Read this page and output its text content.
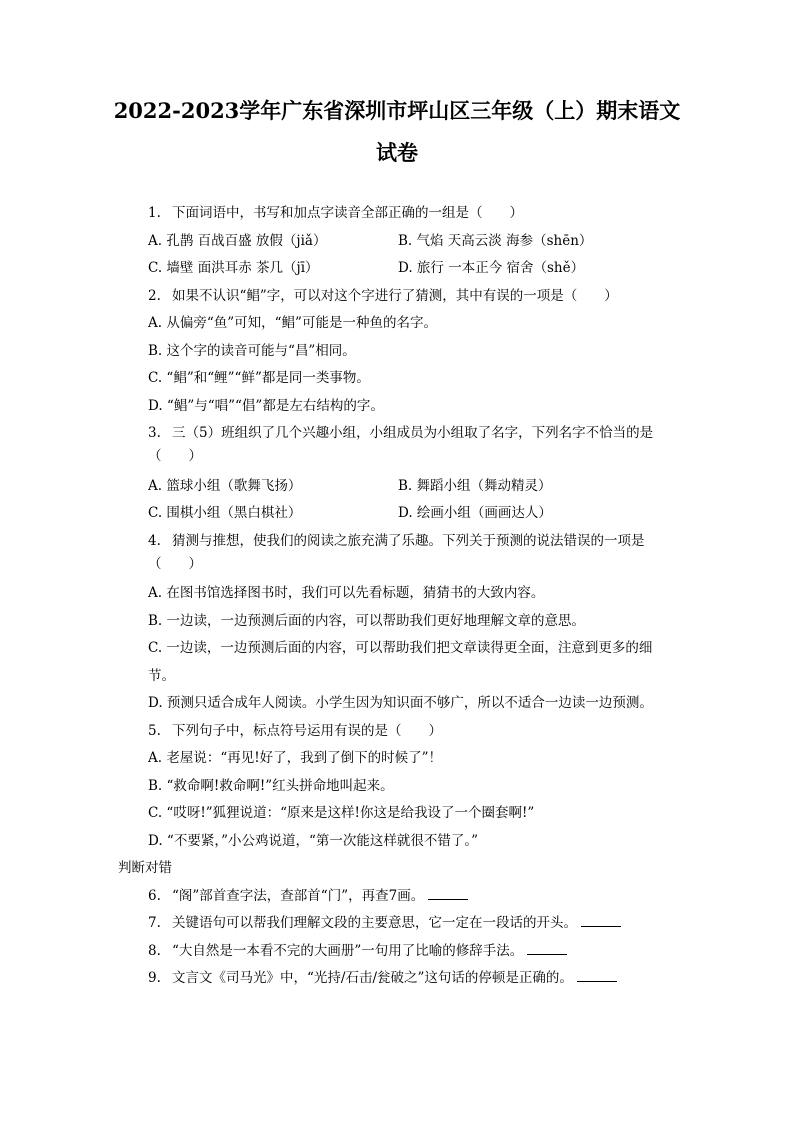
2022-2023学年广东省深圳市坪山区三年级（上）期末语文
试卷
1. 下面词语中，书写和加点字读音全部正确的一组是（　　）
A. 孔鹊 百战百盛 放假（jiǎ）	B. 气焰 天高云淡 海参（shēn）
C. 墙壁 面洪耳赤 茶几（jī）	D. 旅行 一本正今 宿舍（shě）
2. 如果不认识“鲳”字，可以对这个字进行了猜测，其中有误的一项是（　　）
A. 从偏旁“鱼”可知，“鲳”可能是一种鱼的名字。
B. 这个字的读音可能与“昌”相同。
C. “鲳”和“鲤”“鲜”都是同一类事物。
D. “鲳”与“唱”“倡”都是左右结构的字。
3. 三（5）班组织了几个兴趣小组，小组成员为小组取了名字，下列名字不恰当的是
（　　）
A. 篮球小组（歌舞飞扬）	B. 舞蹈小组（舞动精灵）
C. 围棋小组（黑白棋社）	D. 绘画小组（画画达人）
4. 猜测与推想，使我们的阅读之旅充满了乐趣。下列关于预测的说法错误的一项是
（　　）
A. 在图书馆选择图书时，我们可以先看标题，猜猜书的大致内容。
B. 一边读，一边预测后面的内容，可以帮助我们更好地理解文章的意思。
C. 一边读，一边预测后面的内容，可以帮助我们把文章读得更全面，注意到更多的细
节。
D. 预测只适合成年人阅读。小学生因为知识面不够广，所以不适合一边读一边预测。
5. 下列句子中，标点符号运用有误的是（　　）
A. 老屋说：“再见!好了，我到了倒下的时候了”！
B. “救命啊!救命啊!”红头拼命地叫起来。
C. “哎呀!”狐狸说道：“原来是这样!你这是给我设了一个圈套啊!”
D. “不要紧，”小公鸡说道，“第一次能这样就很不错了。”
判断对错
6. “阁”部首查字法，查部首“门”，再查7画。
7. 关键语句可以帮我们理解文段的主要意思，它一定在一段话的开头。
8. “大自然是一本看不完的大画册”一句用了比喻的修辞手法。
9. 文言文《司马光》中，“光持/石击/瓮破之”这句话的停顿是正确的。
